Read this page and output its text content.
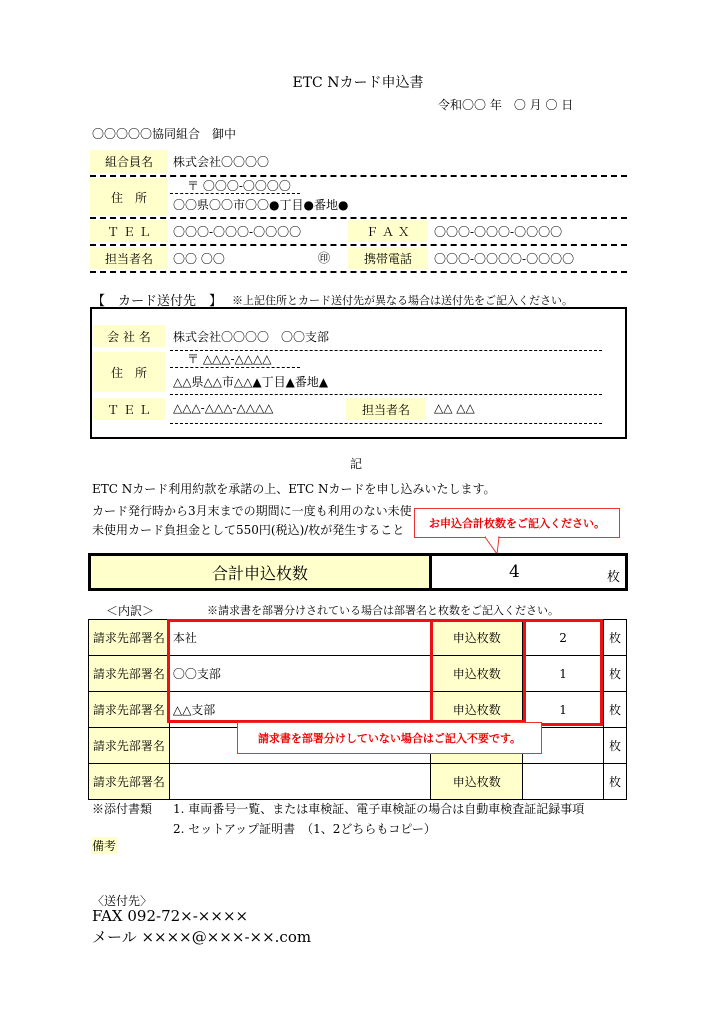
ETC Nカード申込書
令和〇〇 年　〇 月 〇 日
〇〇〇〇〇協同組合　御中
組合員名	株式会社〇〇〇〇
住　所
〒 〇〇〇-〇〇〇〇
〇〇県〇〇市〇〇●丁目●番地●
Ｔ Ｅ Ｌ	〇〇〇-〇〇〇-〇〇〇〇	Ｆ Ａ Ｘ	〇〇〇-〇〇〇-〇〇〇〇
担当者名	〇〇 〇〇	㊞	携帯電話	〇〇〇-〇〇〇〇-〇〇〇〇
【　カード送付先　】 ※上記住所とカード送付先が異なる場合は送付先をご記入ください。
会 社 名	株式会社〇〇〇〇　〇〇支部
住　所
〒 △△△-△△△△
△△県△△市△△▲丁目▲番地▲
Ｔ Ｅ Ｌ	△△△-△△△-△△△△	担当者名	△△ △△
記
ETC Nカード利用約款を承諾の上、ETC Nカードを申し込みいたします。
カード発行時から3月末までの期間に一度も利用のない未使
未使用カード負担金として550円(税込)/枚が発生すること	お申込合計枚数をご記入ください。
合計申込枚数	4	枚
＜内訳＞	※請求書を部署分けされている場合は部署名と枚数をご記入ください。
請求先部署名	本社	申込枚数	2	枚
請求先部署名	〇〇支部	申込枚数	1	枚
請求先部署名	△△支部	申込枚数	1	枚
請求先部署名				枚
請求先部署名		申込枚数		枚
請求書を部署分けしていない場合はご記入不要です。
※添付書類 1. 車両番号一覧、または車検証、電子車検証の場合は自動車検査証記録事項
2. セットアップ証明書　（1、2どちらもコピー）
備考
〈送付先〉
FAX 092-72×-××××
メール ××××@×××-××.com
